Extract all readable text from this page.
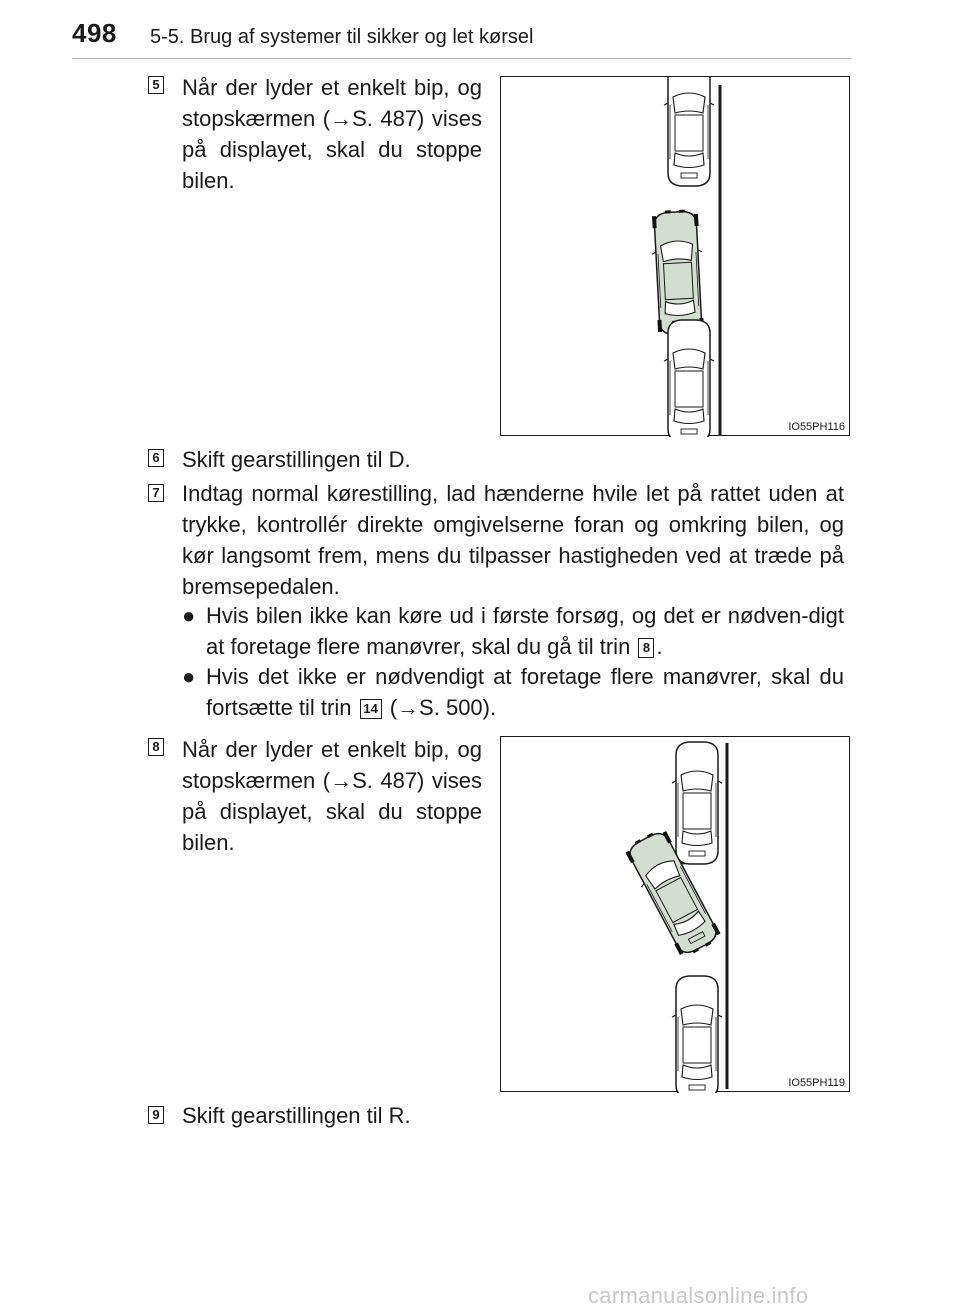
498 5-5. Brug af systemer til sikker og let kørsel
5 Når der lyder et enkelt bip, og stopskærmen (→S. 487) vises på displayet, skal du stoppe bilen.
IO55PH116
6 Skift gearstillingen til D.
7 Indtag normal kørestilling, lad hænderne hvile let på rattet uden at trykke, kontrollér direkte omgivelserne foran og omkring bilen, og kør langsomt frem, mens du tilpasser hastigheden ved at træde på bremsepedalen.
● Hvis bilen ikke kan køre ud i første forsøg, og det er nødven-digt at foretage flere manøvrer, skal du gå til trin 8 .
● Hvis det ikke er nødvendigt at foretage flere manøvrer, skal du fortsætte til trin 14 (→S. 500).
8 Når der lyder et enkelt bip, og stopskærmen (→S. 487) vises på displayet, skal du stoppe bilen.
IO55PH119
9 Skift gearstillingen til R.
carmanualsonline.info
